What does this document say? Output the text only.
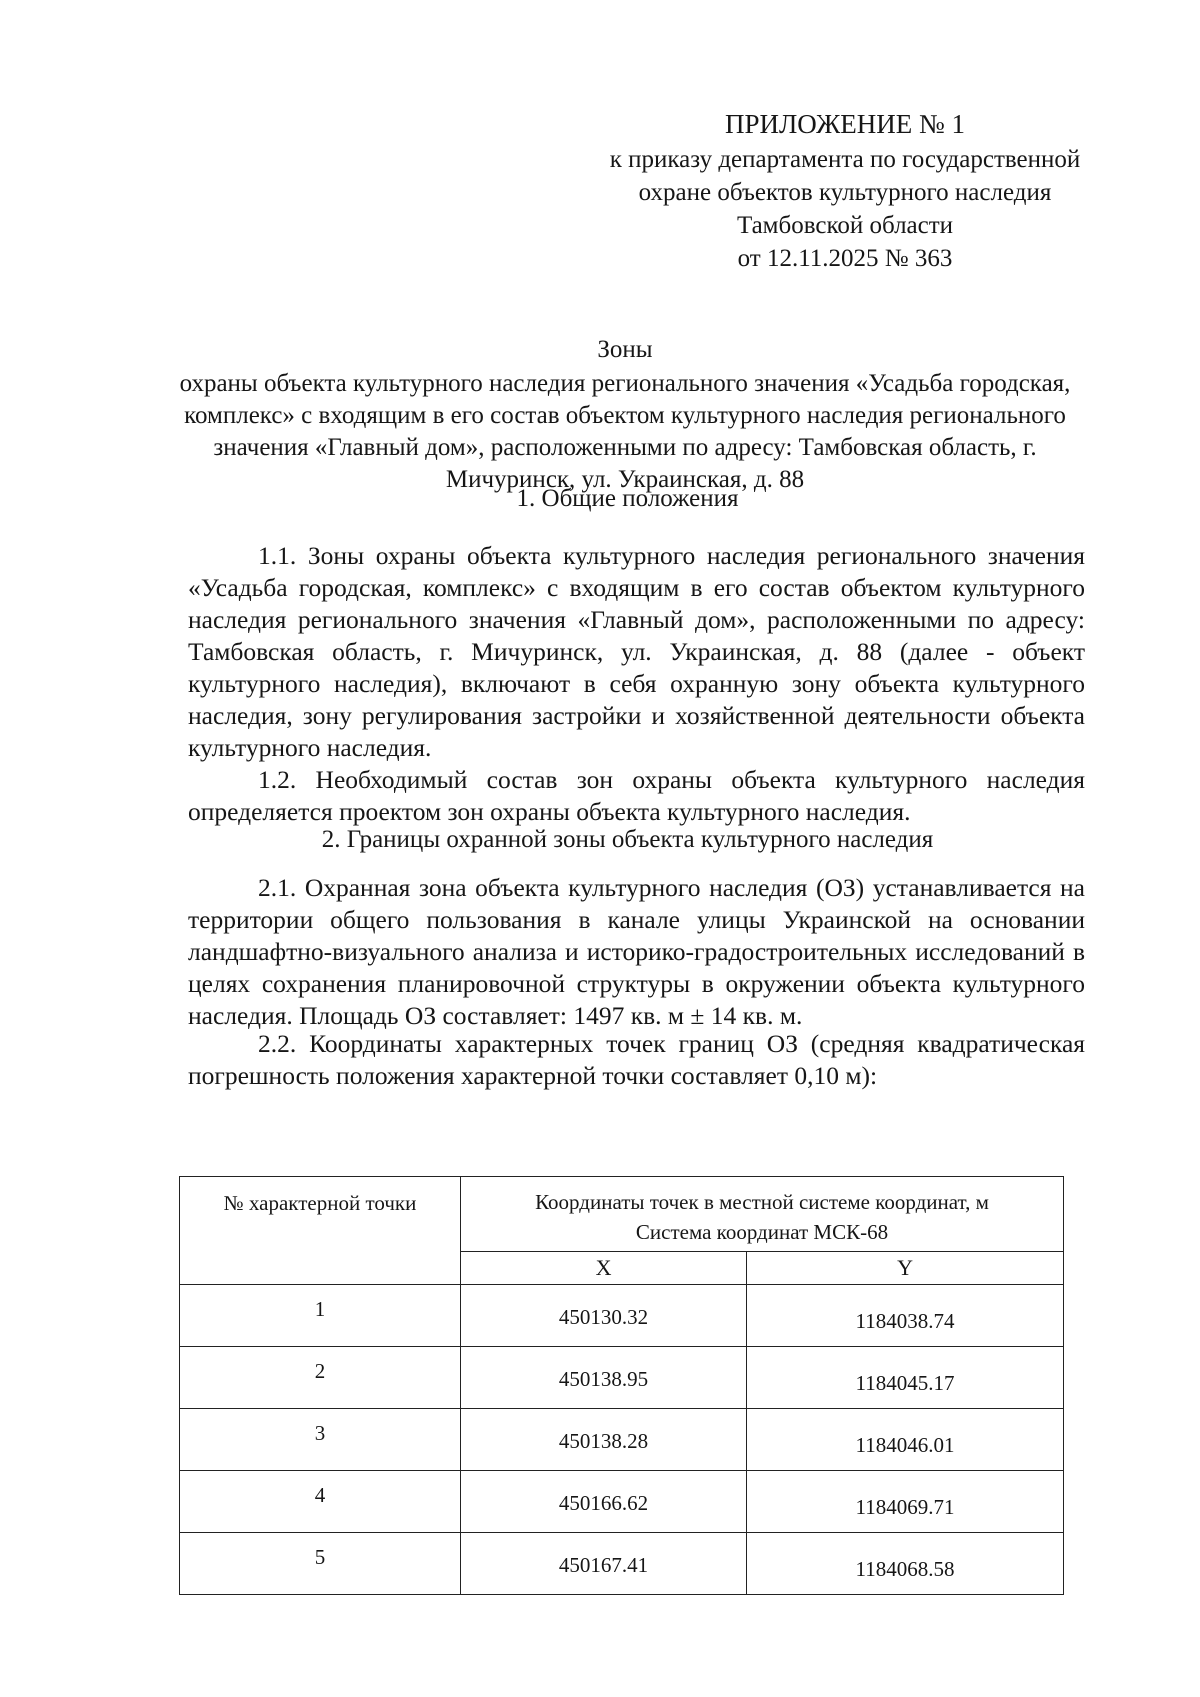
ПРИЛОЖЕНИЕ № 1
к приказу департамента по государственной
охране объектов культурного наследия
Тамбовской области
от 12.11.2025 № 363
Зоны
охраны объекта культурного наследия регионального значения «Усадьба городская, комплекс» с входящим в его состав объектом культурного наследия регионального значения «Главный дом», расположенными по адресу: Тамбовская область, г. Мичуринск, ул. Украинская, д. 88
1. Общие положения
1.1. Зоны охраны объекта культурного наследия регионального значения «Усадьба городская, комплекс» с входящим в его состав объектом культурного наследия регионального значения «Главный дом», расположенными по адресу: Тамбовская область, г. Мичуринск, ул. Украинская, д. 88 (далее - объект культурного наследия), включают в себя охранную зону объекта культурного наследия, зону регулирования застройки и хозяйственной деятельности объекта культурного наследия.
1.2. Необходимый состав зон охраны объекта культурного наследия определяется проектом зон охраны объекта культурного наследия.
2. Границы охранной зоны объекта культурного наследия
2.1. Охранная зона объекта культурного наследия (ОЗ) устанавливается на территории общего пользования в канале улицы Украинской на основании ландшафтно-визуального анализа и историко-градостроительных исследований в целях сохранения планировочной структуры в окружении объекта культурного наследия. Площадь ОЗ составляет: 1497 кв. м ± 14 кв. м.
2.2. Координаты характерных точек границ ОЗ (средняя квадратическая погрешность положения характерной точки составляет 0,10 м):
№ характерной точки	Координаты точек в местной системе координат, м
Система координат МСК-68	

	X	Y
1	450130.32	1184038.74
2	450138.95	1184045.17
3	450138.28	1184046.01
4	450166.62	1184069.71
5	450167.41	1184068.58
